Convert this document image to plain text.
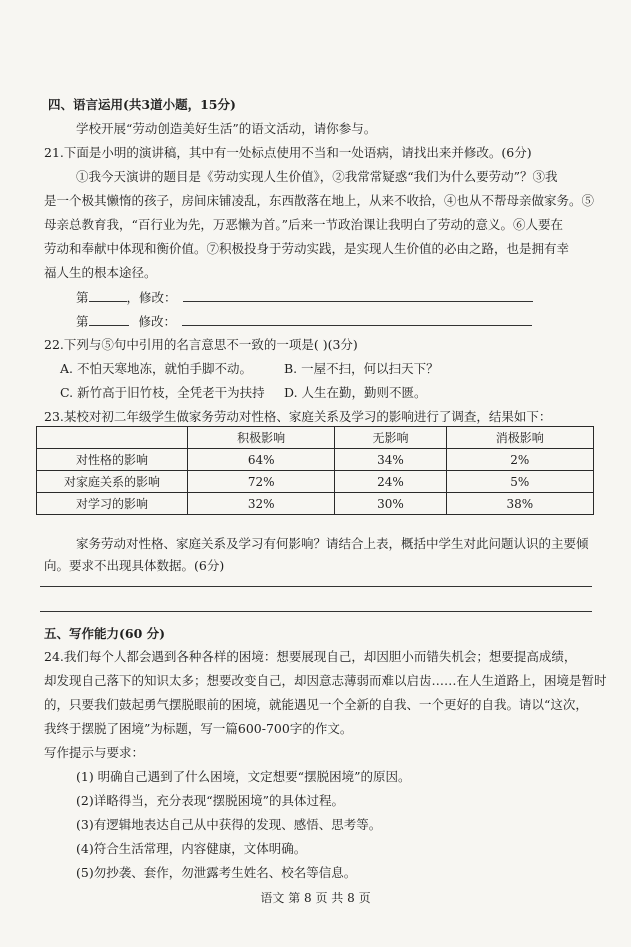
四、语言运用(共3道小题，15分)
学校开展“劳动创造美好生活”的语文活动，请你参与。
21.下面是小明的演讲稿，其中有一处标点使用不当和一处语病，请找出来并修改。(6分)
①我今天演讲的题目是《劳动实现人生价值》，②我常常疑惑“我们为什么要劳动”？③我
是一个极其懒惰的孩子，房间床铺凌乱，东西散落在地上，从来不收拾，④也从不帮母亲做家务。⑤
母亲总教育我，“百行业为先，万恶懒为首。”后来一节政治课让我明白了劳动的意义。⑥人要在
劳动和奉献中体现和衡价值。⑦积极投身于劳动实践，是实现人生价值的必由之路，也是拥有幸
福人生的根本途径。
第	，修改：
第	修改：
22.下列与⑤句中引用的名言意思不一致的一项是( )(3分)
A. 不怕天寒地冻，就怕手脚不动。	B. 一屋不扫，何以扫天下？
C. 新竹高于旧竹枝，全凭老干为扶持 D. 人生在勤，勤则不匮。
23.某校对初二年级学生做家务劳动对性格、家庭关系及学习的影响进行了调查，结果如下：
	积极影响	无影响	消极影响
对性格的影响	64%	34%	2%
对家庭关系的影响	72%	24%	5%
对学习的影响	32%	30%	38%
家务劳动对性格、家庭关系及学习有何影响？请结合上表，概括中学生对此问题认识的主要倾
向。要求不出现具体数据。(6分)
五、写作能力(60 分)
24.我们每个人都会遇到各种各样的困境：想要展现自己，却因胆小而错失机会；想要提高成绩，
却发现自己落下的知识太多；想要改变自己，却因意志薄弱而难以启齿……在人生道路上，困境是暂时
的，只要我们鼓起勇气摆脱眼前的困境，就能遇见一个全新的自我、一个更好的自我。请以“这次，
我终于摆脱了困境”为标题，写一篇600-700字的作文。
写作提示与要求：
(1) 明确自己遇到了什么困境，文定想要“摆脱困境”的原因。
(2)详略得当，充分表现“摆脱困境”的具体过程。
(3)有逻辑地表达自己从中获得的发现、感悟、思考等。
(4)符合生活常理，内容健康，文体明确。
(5)勿抄袭、套作，勿泄露考生姓名、校名等信息。
语文 第 8 页 共 8 页
